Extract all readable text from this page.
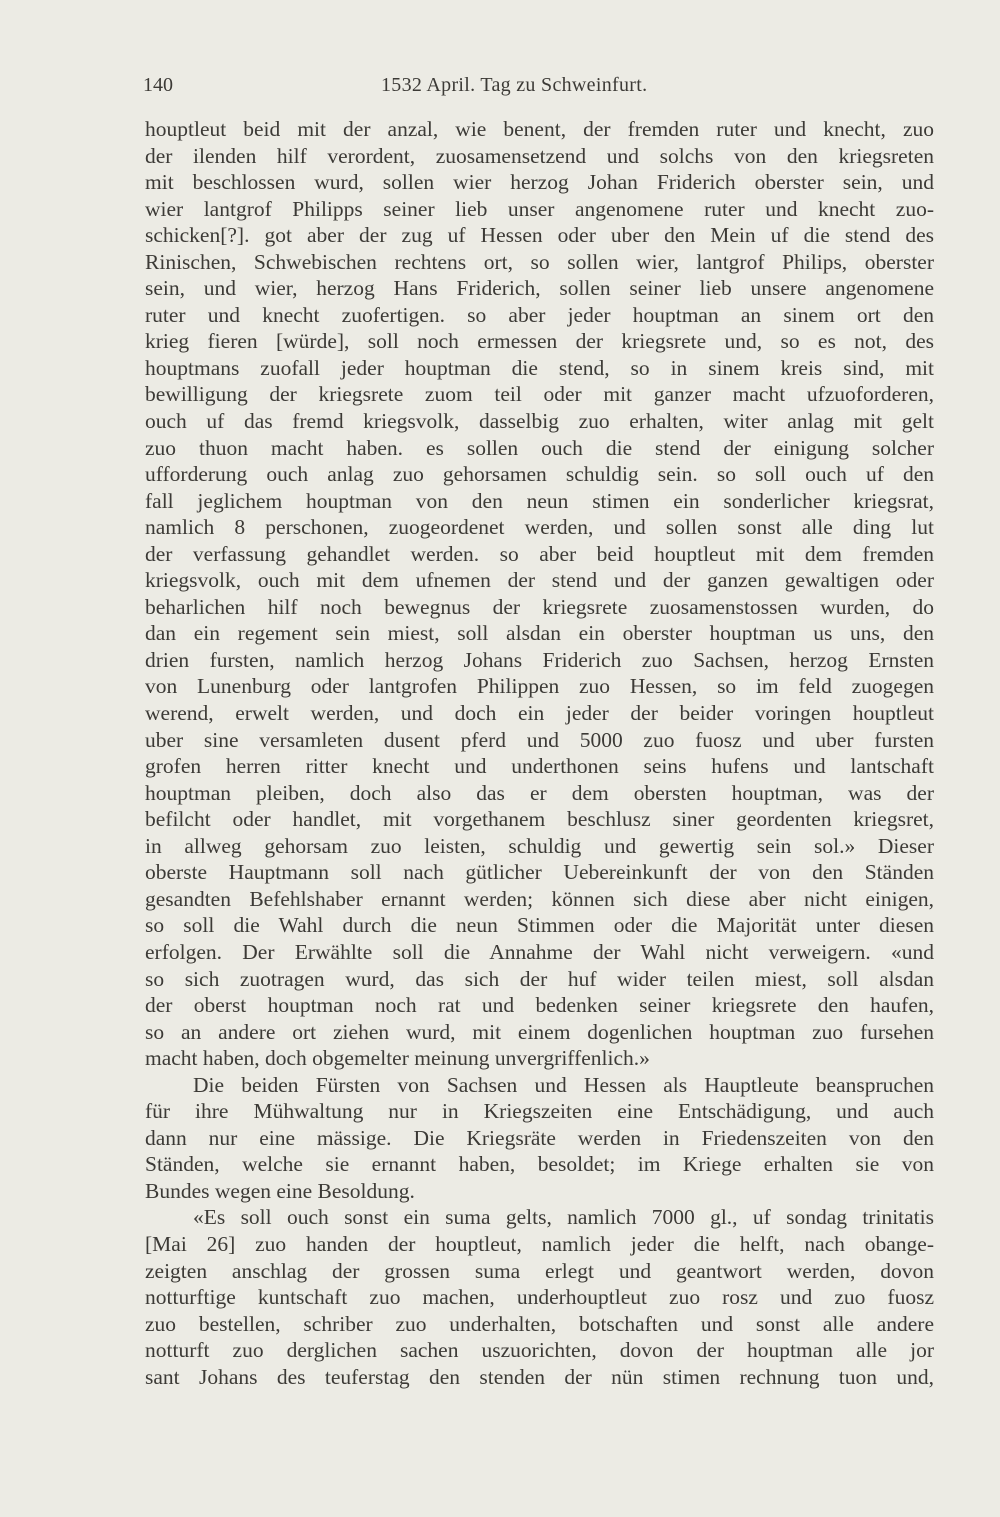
140	1532 April. Tag zu Schweinfurt.
houptleut beid mit der anzal, wie benent, der fremden ruter und knecht, zuo
der ilenden hilf verordent, zuosamensetzend und solchs von den kriegsreten
mit beschlossen wurd, sollen wier herzog Johan Friderich oberster sein, und
wier lantgrof Philipps seiner lieb unser angenomene ruter und knecht zuo-
schicken[?]. got aber der zug uf Hessen oder uber den Mein uf die stend des
Rinischen, Schwebischen rechtens ort, so sollen wier, lantgrof Philips, oberster
sein, und wier, herzog Hans Friderich, sollen seiner lieb unsere angenomene
ruter und knecht zuofertigen. so aber jeder houptman an sinem ort den
krieg fieren [würde], soll noch ermessen der kriegsrete und, so es not, des
houptmans zuofall jeder houptman die stend, so in sinem kreis sind, mit
bewilligung der kriegsrete zuom teil oder mit ganzer macht ufzuoforderen,
ouch uf das fremd kriegsvolk, dasselbig zuo erhalten, witer anlag mit gelt
zuo thuon macht haben. es sollen ouch die stend der einigung solcher
ufforderung ouch anlag zuo gehorsamen schuldig sein. so soll ouch uf den
fall jeglichem houptman von den neun stimen ein sonderlicher kriegsrat,
namlich 8 perschonen, zuogeordenet werden, und sollen sonst alle ding lut
der verfassung gehandlet werden. so aber beid houptleut mit dem fremden
kriegsvolk, ouch mit dem ufnemen der stend und der ganzen gewaltigen oder
beharlichen hilf noch bewegnus der kriegsrete zuosamenstossen wurden, do
dan ein regement sein miest, soll alsdan ein oberster houptman us uns, den
drien fursten, namlich herzog Johans Friderich zuo Sachsen, herzog Ernsten
von Lunenburg oder lantgrofen Philippen zuo Hessen, so im feld zuogegen
werend, erwelt werden, und doch ein jeder der beider voringen houptleut
uber sine versamleten dusent pferd und 5000 zuo fuosz und uber fursten
grofen herren ritter knecht und underthonen seins hufens und lantschaft
houptman pleiben, doch also das er dem obersten houptman, was der
befilcht oder handlet, mit vorgethanem beschlusz siner geordenten kriegsret,
in allweg gehorsam zuo leisten, schuldig und gewertig sein sol.» Dieser
oberste Hauptmann soll nach gütlicher Uebereinkunft der von den Ständen
gesandten Befehlshaber ernannt werden; können sich diese aber nicht einigen,
so soll die Wahl durch die neun Stimmen oder die Majorität unter diesen
erfolgen. Der Erwählte soll die Annahme der Wahl nicht verweigern. «und
so sich zuotragen wurd, das sich der huf wider teilen miest, soll alsdan
der oberst houptman noch rat und bedenken seiner kriegsrete den haufen,
so an andere ort ziehen wurd, mit einem dogenlichen houptman zuo fursehen
macht haben, doch obgemelter meinung unvergriffenlich.»
Die beiden Fürsten von Sachsen und Hessen als Hauptleute beanspruchen
für ihre Mühwaltung nur in Kriegszeiten eine Entschädigung, und auch
dann nur eine mässige. Die Kriegsräte werden in Friedenszeiten von den
Ständen, welche sie ernannt haben, besoldet; im Kriege erhalten sie von
Bundes wegen eine Besoldung.
«Es soll ouch sonst ein suma gelts, namlich 7000 gl., uf sondag trinitatis
[Mai 26] zuo handen der houptleut, namlich jeder die helft, nach obange-
zeigten anschlag der grossen suma erlegt und geantwort werden, dovon
notturftige kuntschaft zuo machen, underhouptleut zuo rosz und zuo fuosz
zuo bestellen, schriber zuo underhalten, botschaften und sonst alle andere
notturft zuo derglichen sachen uszuorichten, dovon der houptman alle jor
sant Johans des teuferstag den stenden der nün stimen rechnung tuon und,
